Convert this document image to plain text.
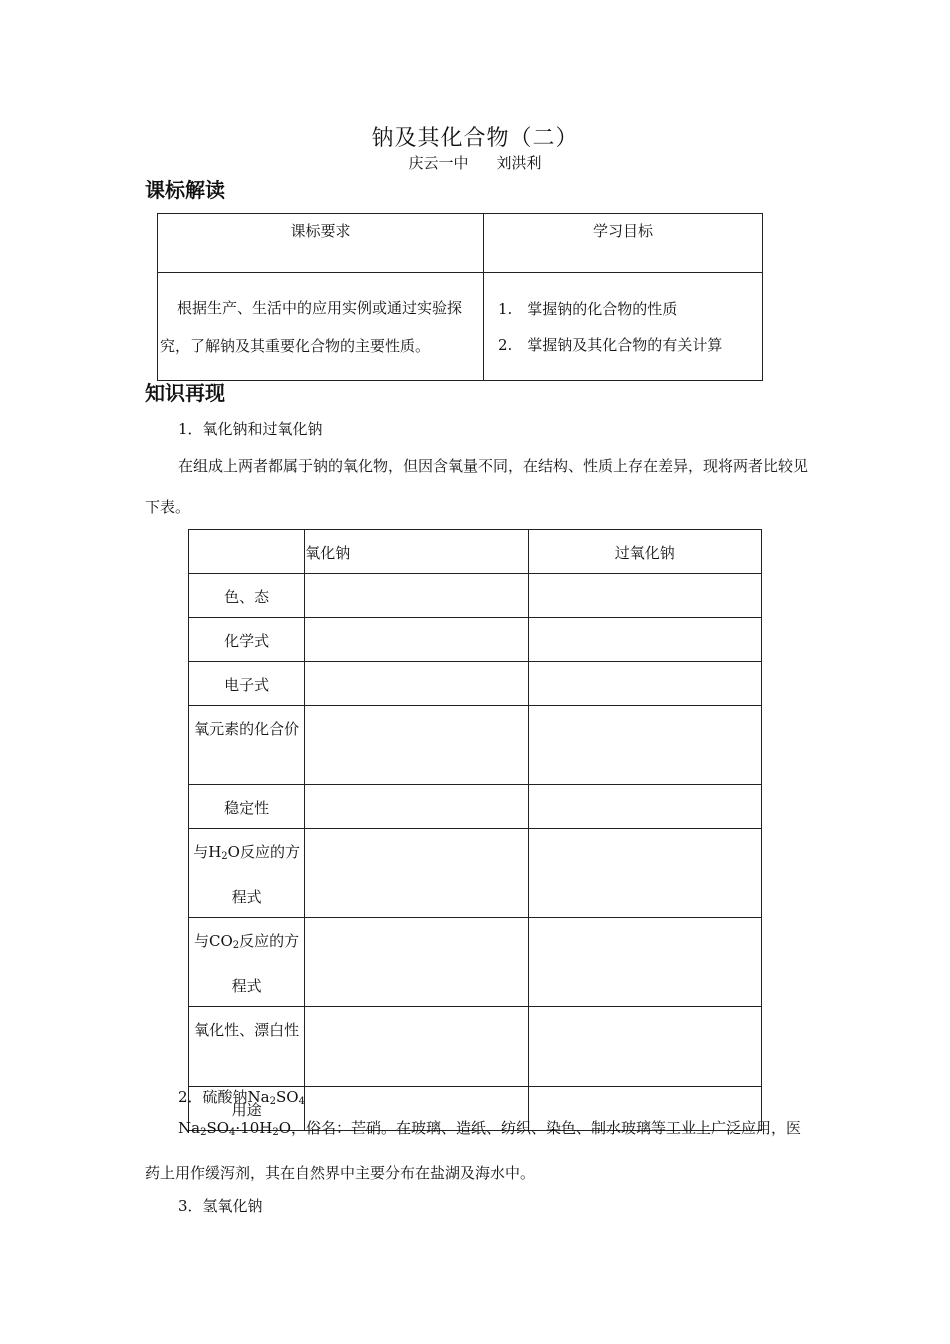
钠及其化合物（二）
庆云一中 刘洪利
课标解读
课标要求	学习目标
根据生产、生活中的应用实例或通过实验探究，了解钠及其重要化合物的主要性质。	1.　掌握钠的化合物的性质
2.　掌握钠及其化合物的有关计算
知识再现
1．氧化钠和过氧化钠
在组成上两者都属于钠的氧化物，但因含氧量不同，在结构、性质上存在差异，现将两者比较见下表。
	氧化钠	过氧化钠
色、态		
化学式		
电子式		
氧元素的化合价		
稳定性		
与$H_2O$反应的方程式		
与$CO_2$反应的方程式		
氧化性、漂白性		
用途		
2．硫酸钠$Na_2SO_4$
$Na_2SO_4\cdot 10H_2O$，俗名：芒硝。在玻璃、造纸、纺织、染色、制水玻璃等工业上广泛应用，医药上用作缓泻剂，其在自然界中主要分布在盐湖及海水中。
3．氢氧化钠
